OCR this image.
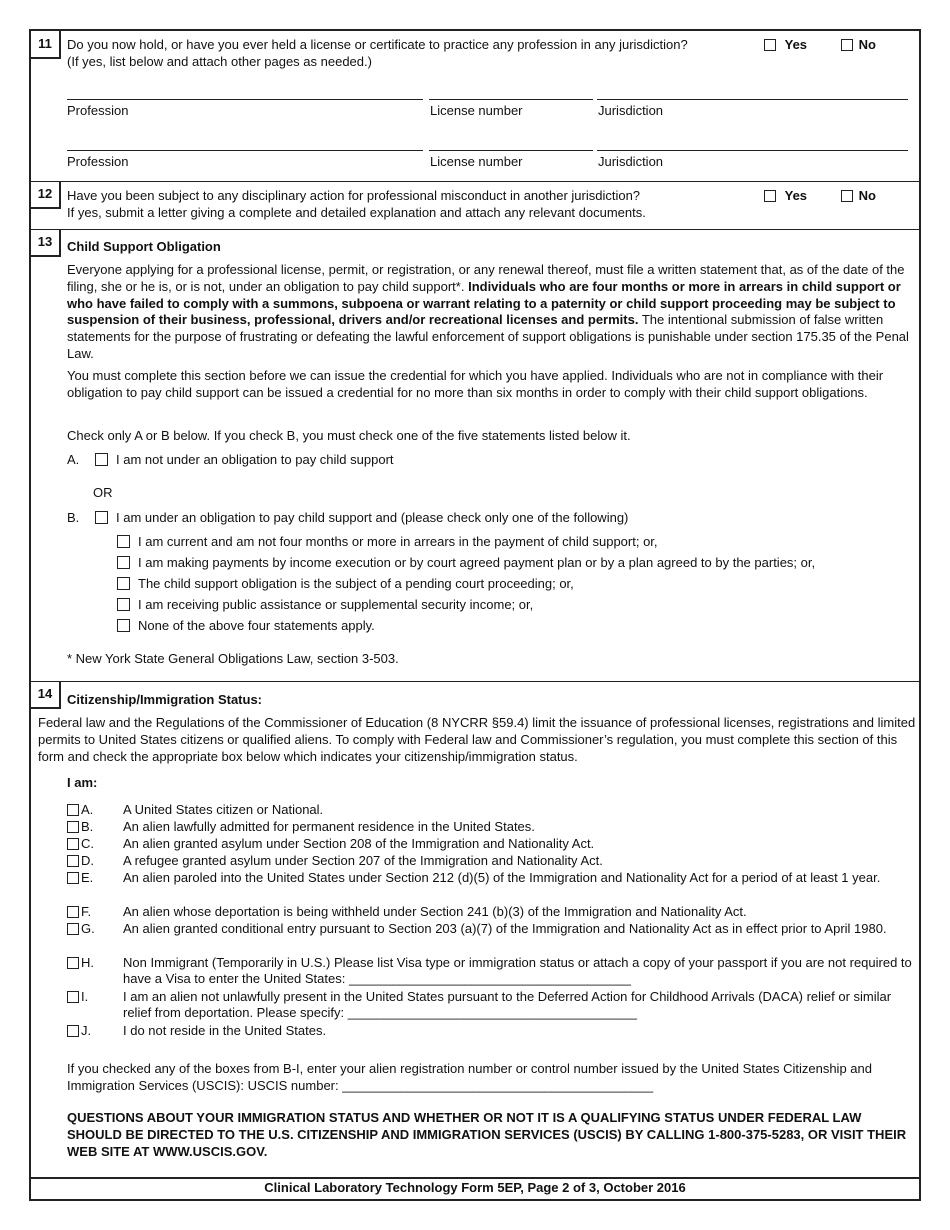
11	Do you now hold, or have you ever held a license or certificate to practice any profession in any jurisdiction?
(If yes, list below and attach other pages as needed.)
Yes	No
Profession	License number	Jurisdiction
Profession	License number	Jurisdiction
12	Have you been subject to any disciplinary action for professional misconduct in another jurisdiction?
If yes, submit a letter giving a complete and detailed explanation and attach any relevant documents.
Yes	No
13	Child Support Obligation

Everyone applying for a professional license, permit, or registration, or any renewal thereof, must file a written statement that, as of the date of the filing, she or he is, or is not, under an obligation to pay child support*. Individuals who are four months or more in arrears in child support or who have failed to comply with a summons, subpoena or warrant relating to a paternity or child support proceeding may be subject to suspension of their business, professional, drivers and/or recreational licenses and permits. The intentional submission of false written statements for the purpose of frustrating or defeating the lawful enforcement of support obligations is punishable under section 175.35 of the Penal Law.

You must complete this section before we can issue the credential for which you have applied. Individuals who are not in compliance with their obligation to pay child support can be issued a credential for no more than six months in order to comply with their child support obligations.

Check only A or B below. If you check B, you must check one of the five statements listed below it.
A.	I am not under an obligation to pay child support
OR
B.	I am under an obligation to pay child support and (please check only one of the following)
I am current and am not four months or more in arrears in the payment of child support; or,
I am making payments by income execution or by court agreed payment plan or by a plan agreed to by the parties; or,
The child support obligation is the subject of a pending court proceeding; or,
I am receiving public assistance or supplemental security income; or,
None of the above four statements apply.
* New York State General Obligations Law, section 3-503.
14	Citizenship/Immigration Status:

Federal law and the Regulations of the Commissioner of Education (8 NYCRR §59.4) limit the issuance of professional licenses, registrations and limited permits to United States citizens or qualified aliens. To comply with Federal law and Commissioner’s regulation, you must complete this section of this form and check the appropriate box below which indicates your citizenship/immigration status.

I am:
A.	A United States citizen or National.
B.	An alien lawfully admitted for permanent residence in the United States.
C.	An alien granted asylum under Section 208 of the Immigration and Nationality Act.
D.	A refugee granted asylum under Section 207 of the Immigration and Nationality Act.
E.	An alien paroled into the United States under Section 212 (d)(5) of the Immigration and Nationality Act for a period of at least 1 year.
F.	An alien whose deportation is being withheld under Section 241 (b)(3) of the Immigration and Nationality Act.
G.	An alien granted conditional entry pursuant to Section 203 (a)(7) of the Immigration and Nationality Act as in effect prior to April 1980.
H.	Non Immigrant (Temporarily in U.S.) Please list Visa type or immigration status or attach a copy of your passport if you are not required to have a Visa to enter the United States: _______________________________________
I.	I am an alien not unlawfully present in the United States pursuant to the Deferred Action for Childhood Arrivals (DACA) relief or similar relief from deportation. Please specify: ________________________________________
J.	I do not reside in the United States.

If you checked any of the boxes from B-I, enter your alien registration number or control number issued by the United States Citizenship and Immigration Services (USCIS): USCIS number: ___________________________________________

QUESTIONS ABOUT YOUR IMMIGRATION STATUS AND WHETHER OR NOT IT IS A QUALIFYING STATUS UNDER FEDERAL LAW SHOULD BE DIRECTED TO THE U.S. CITIZENSHIP AND IMMIGRATION SERVICES (USCIS) BY CALLING 1-800-375-5283, OR VISIT THEIR WEB SITE AT WWW.USCIS.GOV.

Clinical Laboratory Technology Form 5EP, Page 2 of 3, October 2016
